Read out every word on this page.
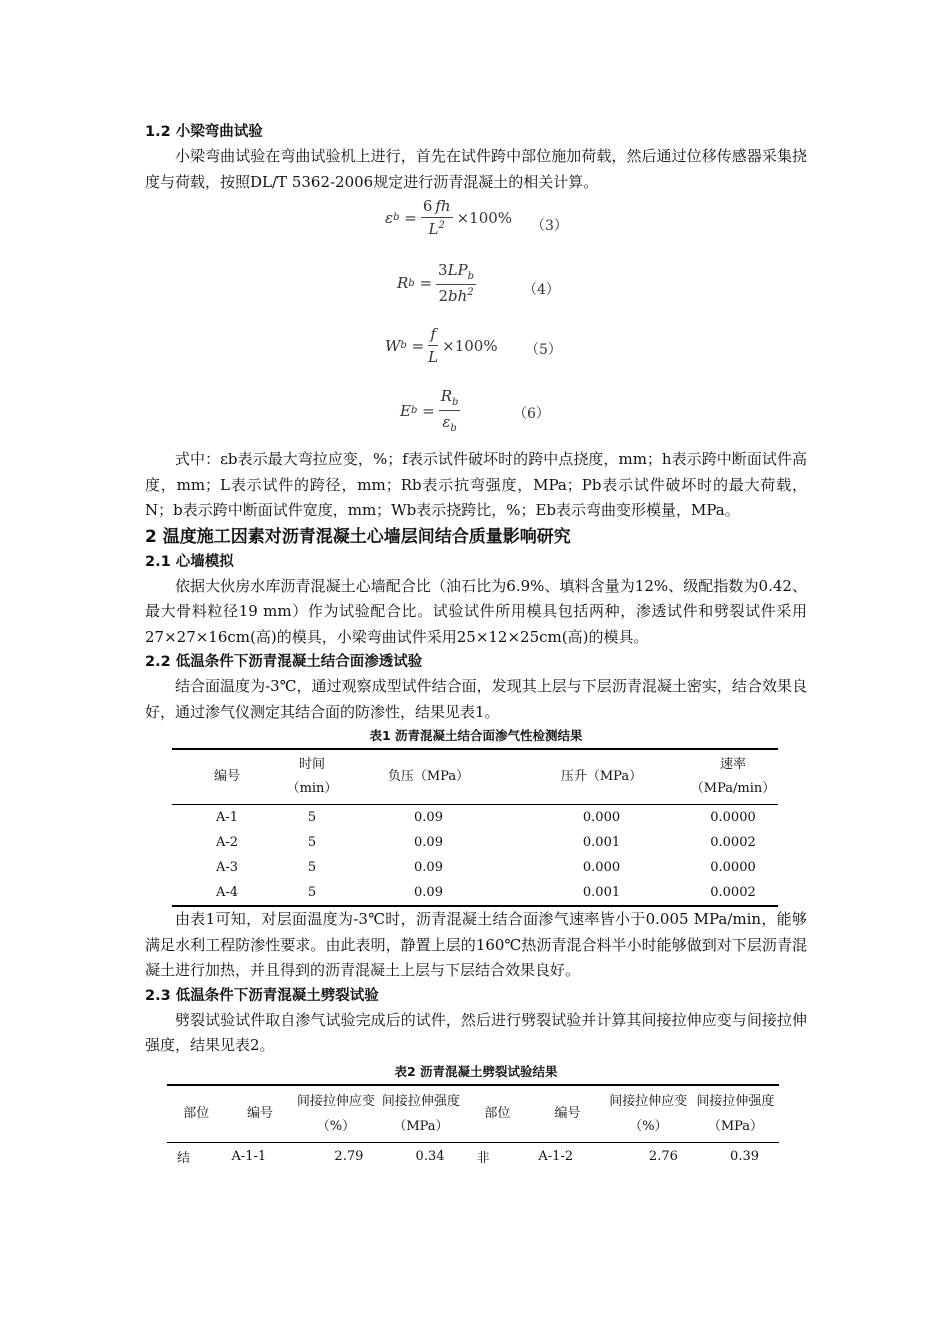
1.2 小梁弯曲试验

小梁弯曲试验在弯曲试验机上进行，首先在试件跨中部位施加荷载，然后通过位移传感器采集挠度与荷载，按照DL/T 5362-2006规定进行沥青混凝土的相关计算。

ε $b = \frac{6 fh}{L^2} \times 100\%$ （3）
R $b = \frac{3LP_b}{2bh^2}$	（4）
W $b = \frac{f}{L} \times 100\%$ （5）
E $b = \frac{R_b}{\varepsilon_b}$	（6）

式中：εb表示最大弯拉应变，%；f表示试件破坏时的跨中点挠度，mm；h表示跨中断面试件高度，mm；L表示试件的跨径，mm；Rb表示抗弯强度，MPa；Pb表示试件破坏时的最大荷载，N；b表示跨中断面试件宽度，mm；Wb表示挠跨比，%；Eb表示弯曲变形模量，MPa。

2 温度施工因素对沥青混凝土心墙层间结合质量影响研究

2.1 心墙模拟

依据大伙房水库沥青混凝土心墙配合比（油石比为6.9%、填料含量为12%、级配指数为0.42、最大骨料粒径19 mm）作为试验配合比。试验试件所用模具包括两种，渗透试件和劈裂试件采用27×27×16cm(高)的模具，小梁弯曲试件采用25×12×25cm(高)的模具。

2.2 低温条件下沥青混凝土结合面渗透试验

结合面温度为-3℃，通过观察成型试件结合面，发现其上层与下层沥青混凝土密实，结合效果良好，通过渗气仪测定其结合面的防渗性，结果见表1。

表1 沥青混凝土结合面渗气性检测结果
编号	时间（min）	负压（MPa）	压升（MPa）	速率（MPa/min）
A-1	5	0.09	0.000	0.0000
A-2	5	0.09	0.001	0.0002
A-3	5	0.09	0.000	0.0000
A-4	5	0.09	0.001	0.0002

由表1可知，对层面温度为-3℃时，沥青混凝土结合面渗气速率皆小于0.005 MPa/min，能够满足水利工程防渗性要求。由此表明，静置上层的160℃热沥青混合料半小时能够做到对下层沥青混凝土进行加热，并且得到的沥青混凝土上层与下层结合效果良好。

2.3 低温条件下沥青混凝土劈裂试验

劈裂试验试件取自渗气试验完成后的试件，然后进行劈裂试验并计算其间接拉伸应变与间接拉伸强度，结果见表2。

表2 沥青混凝土劈裂试验结果
部位	编号	间接拉伸应变（%）	间接拉伸强度（MPa）	部位	编号	间接拉伸应变（%）	间接拉伸强度（MPa）
结	A-1-1	2.79	0.34	非	A-1-2	2.76	0.39
